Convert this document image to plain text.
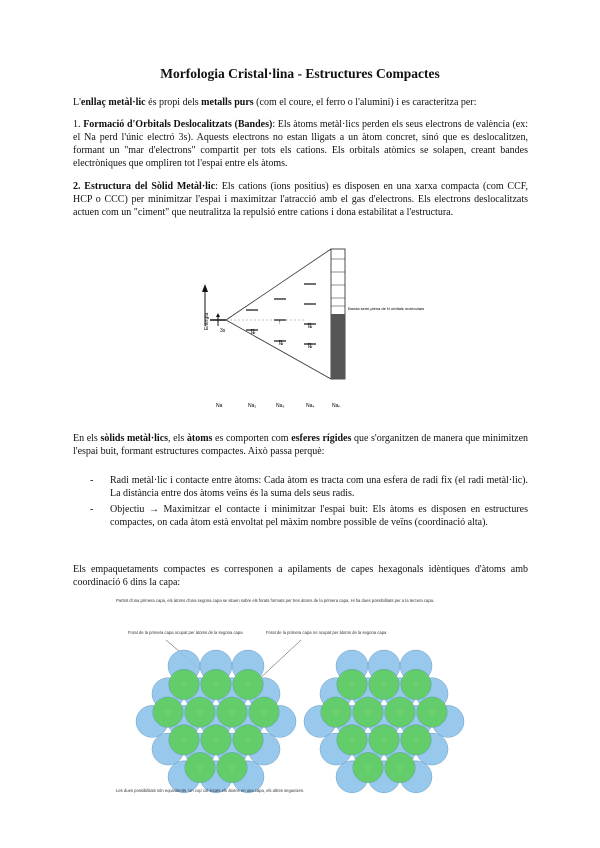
Morfologia Cristal·lina - Estructures Compactes

L'enllaç metàl·lic és propi dels metalls purs (com el coure, el ferro o l'alumini) i es caracteritza per:

1. Formació d'Orbitals Deslocalitzats (Bandes): Els àtoms metàl·lics perden els seus electrons de valència (ex: el Na perd l'únic electró 3s). Aquests electrons no estan lligats a un àtom concret, sinó que es deslocalitzen, formant un "mar d'electrons" compartit per tots els cations. Els orbitals atòmics se solapen, creant bandes electròniques que ompliren tot l'espai entre els àtoms.

2. Estructura del Sòlid Metàl·lic: Els cations (ions positius) es disposen en una xarxa compacta (com CCF, HCP o CCC) per minimitzar l'espai i maximitzar l'atracció amb el gas d'electrons. Els electrons deslocalitzats actuen com un "ciment" que neutralitza la repulsió entre cations i dona estabilitat a l'estructura.

Energia
3s	⇅
↑
⇅
⇅
⇅
Banda semi-plena de N orbitals moleculars
Na	Na₂	Na₃	Na₄	Naₙ

En els sòlids metàl·lics, els àtoms es comporten com esferes rígides que s'organitzen de manera que minimitzen l'espai buit, formant estructures compactes. Això passa perquè:

- Radi metàl·lic i contacte entre àtoms: Cada àtom es tracta com una esfera de radi fix (el radi metàl·lic). La distància entre dos àtoms veïns és la suma dels seus radis.
- Objectiu → Maximitzar el contacte i minimitzar l'espai buit: Els àtoms es disposen en estructures compactes, on cada àtom està envoltat pel màxim nombre possible de veïns (coordinació alta).

Els empaquetaments compactes es corresponen a apilaments de capes hexagonals idèntiques d'àtoms amb coordinació 6 dins la capa:

Partint d'una primera capa, els àtoms d'una segona capa se situen sobre els forats formats per tres àtoms de la primera capa. Hi ha dues possibilitats per a la tercera capa.
Forat de la primera capa ocupat per àtoms de la segona capa	Forat de la primera capa no ocupat per àtoms de la segona capa
Les dues possibilitats són equivalents. Un cop col·locats els àtoms en una capa, els altres segueixen.
